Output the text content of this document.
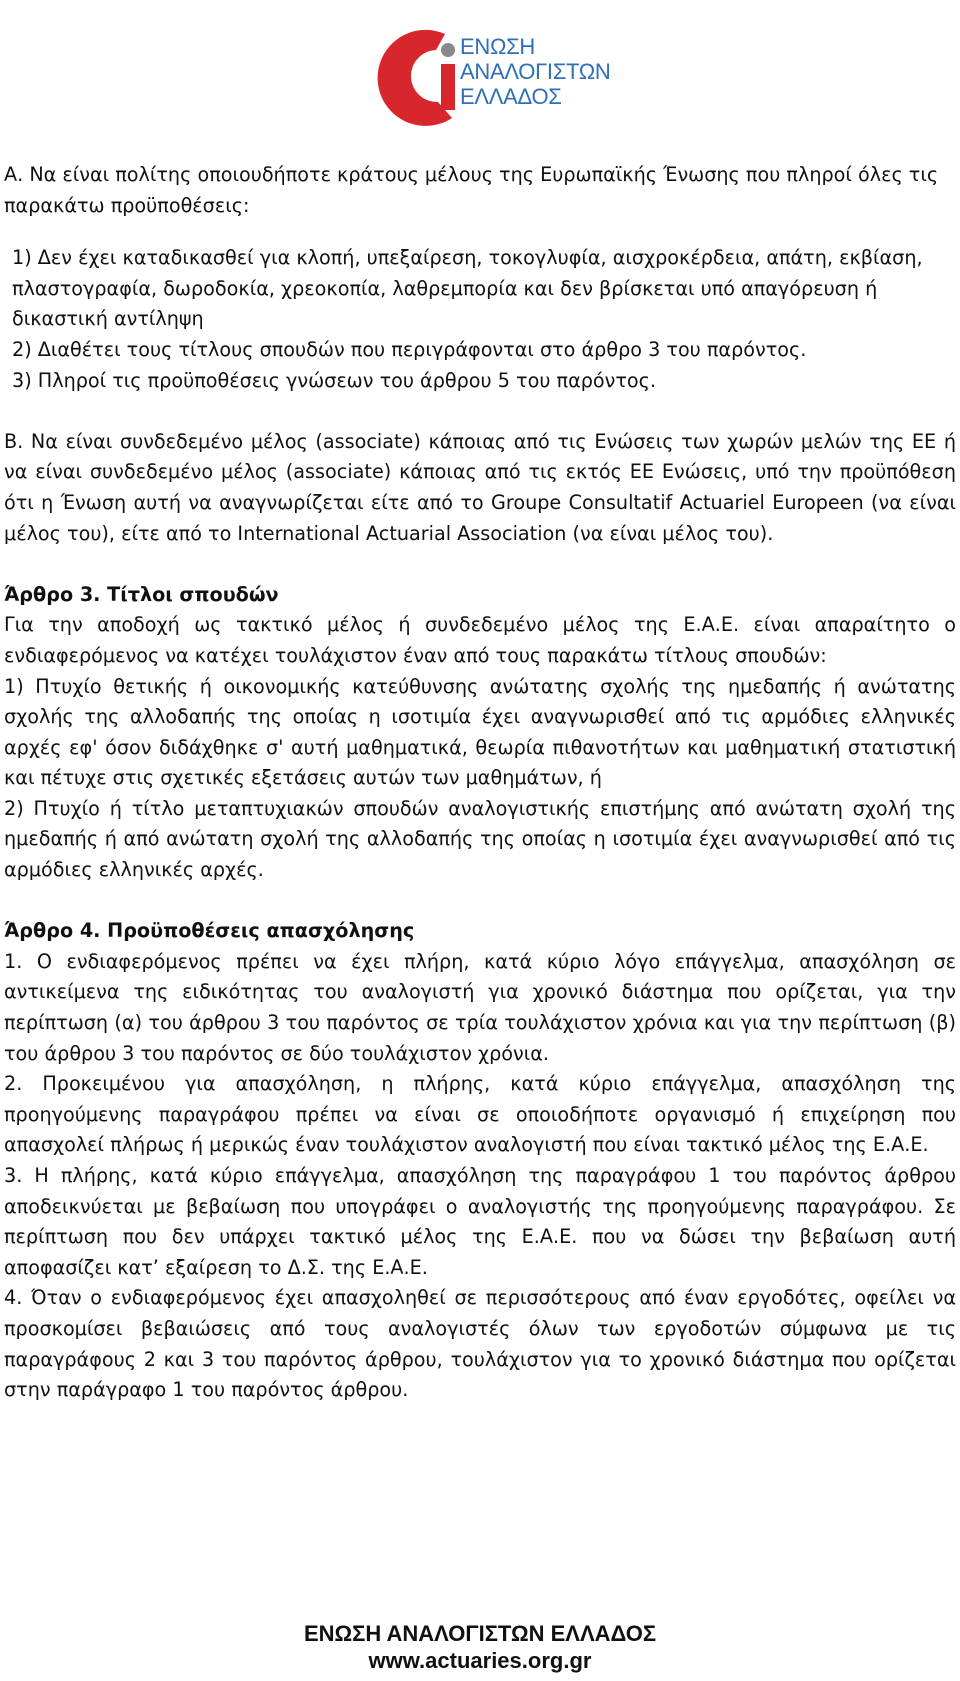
ΕΝΩΣΗ
ΑΝΑΛΟΓΙΣΤΩΝ
ΕΛΛΑΔΟΣ

Α. Να είναι πολίτης οποιουδήποτε κράτους μέλους της Ευρωπαϊκής Ένωσης που πληροί όλες τις παρακάτω προϋποθέσεις:

1) Δεν έχει καταδικασθεί για κλοπή, υπεξαίρεση, τοκογλυφία, αισχροκέρδεια, απάτη, εκβίαση, πλαστογραφία, δωροδοκία, χρεοκοπία, λαθρεμπορία και δεν βρίσκεται υπό απαγόρευση ή δικαστική αντίληψη

2) Διαθέτει τους τίτλους σπουδών που περιγράφονται στο άρθρο 3 του παρόντος.

3) Πληροί τις προϋποθέσεις γνώσεων του άρθρου 5 του παρόντος.

Β. Να είναι συνδεδεμένο μέλος (associate) κάποιας από τις Ενώσεις των χωρών μελών της ΕΕ ή να είναι συνδεδεμένο μέλος (associate) κάποιας από τις εκτός ΕΕ Ενώσεις, υπό την προϋπόθεση ότι η Ένωση αυτή να αναγνωρίζεται είτε από το Groupe Consultatif Actuariel Europeen (να είναι μέλος του), είτε από το International Actuarial Association (να είναι μέλος του).

Άρθρο 3. Τίτλοι σπουδών

Για την αποδοχή ως τακτικό μέλος ή συνδεδεμένο μέλος της Ε.Α.Ε. είναι απαραίτητο ο ενδιαφερόμενος να κατέχει τουλάχιστον έναν από τους παρακάτω τίτλους σπουδών:

1) Πτυχίο θετικής ή οικονομικής κατεύθυνσης ανώτατης σχολής της ημεδαπής ή ανώτατης σχολής της αλλοδαπής της οποίας η ισοτιμία έχει αναγνωρισθεί από τις αρμόδιες ελληνικές αρχές εφ' όσον διδάχθηκε σ' αυτή μαθηματικά, θεωρία πιθανοτήτων και μαθηματική στατιστική και πέτυχε στις σχετικές εξετάσεις αυτών των μαθημάτων, ή

2) Πτυχίο ή τίτλο μεταπτυχιακών σπουδών αναλογιστικής επιστήμης από ανώτατη σχολή της ημεδαπής ή από ανώτατη σχολή της αλλοδαπής της οποίας η ισοτιμία έχει αναγνωρισθεί από τις αρμόδιες ελληνικές αρχές.

Άρθρο 4. Προϋποθέσεις απασχόλησης

1. Ο ενδιαφερόμενος πρέπει να έχει πλήρη, κατά κύριο λόγο επάγγελμα, απασχόληση σε αντικείμενα της ειδικότητας του αναλογιστή για χρονικό διάστημα που ορίζεται, για την περίπτωση (α) του άρθρου 3 του παρόντος σε τρία τουλάχιστον χρόνια και για την περίπτωση (β) του άρθρου 3 του παρόντος σε δύο τουλάχιστον χρόνια.

2. Προκειμένου για απασχόληση, η πλήρης, κατά κύριο επάγγελμα, απασχόληση της προηγούμενης παραγράφου πρέπει να είναι σε οποιοδήποτε οργανισμό ή επιχείρηση που απασχολεί πλήρως ή μερικώς έναν τουλάχιστον αναλογιστή που είναι τακτικό μέλος της Ε.Α.Ε.

3. Η πλήρης, κατά κύριο επάγγελμα, απασχόληση της παραγράφου 1 του παρόντος άρθρου αποδεικνύεται με βεβαίωση που υπογράφει ο αναλογιστής της προηγούμενης παραγράφου. Σε περίπτωση που δεν υπάρχει τακτικό μέλος της Ε.Α.Ε. που να δώσει την βεβαίωση αυτή αποφασίζει κατ’ εξαίρεση το Δ.Σ. της Ε.Α.Ε.

4. Όταν ο ενδιαφερόμενος έχει απασχοληθεί σε περισσότερους από έναν εργοδότες, οφείλει να προσκομίσει βεβαιώσεις από τους αναλογιστές όλων των εργοδοτών σύμφωνα με τις παραγράφους 2 και 3 του παρόντος άρθρου, τουλάχιστον για το χρονικό διάστημα που ορίζεται στην παράγραφο 1 του παρόντος άρθρου.

ΕΝΩΣΗ ΑΝΑΛΟΓΙΣΤΩΝ ΕΛΛΑΔΟΣ
www.actuaries.org.gr
